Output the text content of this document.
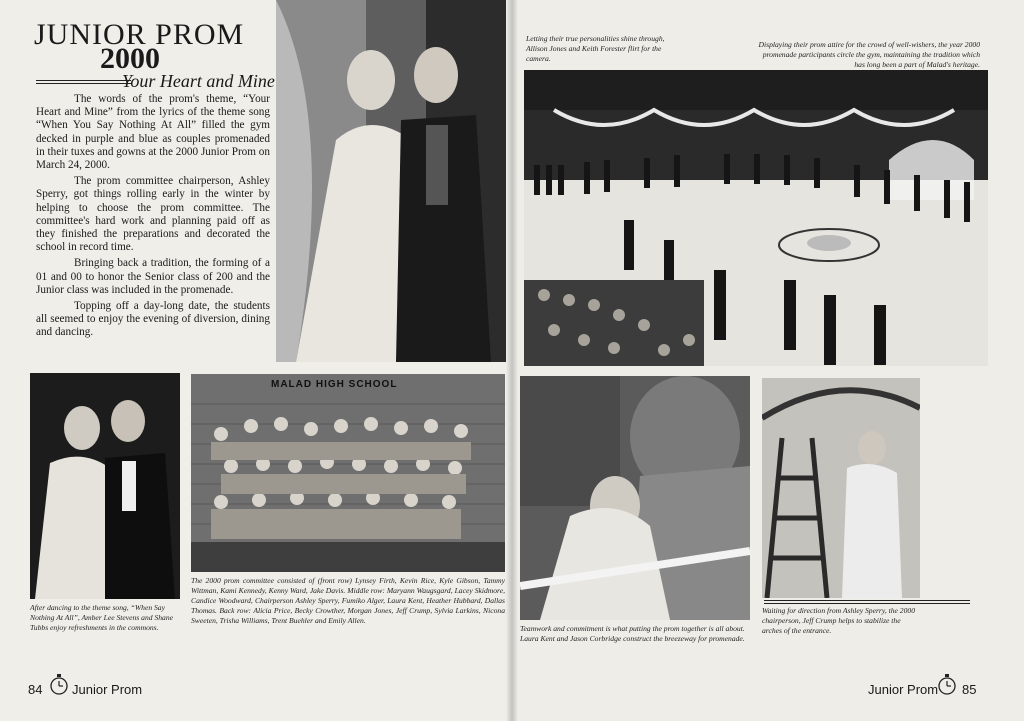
JUNIOR PROM
2000
Your Heart and Mine

The words of the prom's theme, “Your Heart and Mine” from the lyrics of the theme song “When You Say Nothing At All” filled the gym decked in purple and blue as couples promenaded in their tuxes and gowns at the 2000 Junior Prom on March 24, 2000.

The prom committee chairperson, Ashley Sperry, got things rolling early in the winter by helping to choose the prom committee. The committee's hard work and planning paid off as they finished the preparations and decorated the school in record time.

Bringing back a tradition, the forming of a 01 and 00 to honor the Senior class of 200 and the Junior class was included in the promenade.

Topping off a day-long date, the students all seemed to enjoy the evening of diversion, dining and dancing.

After dancing to the theme song, “When Say Nothing At All”, Amber Lee Stevens and Shane Tubbs enjoy refreshments in the commons.
MALAD HIGH SCHOOL
The 2000 prom committee consisted of (front row) Lynsey Firth, Kevin Rice, Kyle Gibson, Tammy Wittman, Kami Kennedy, Kenny Ward, Jake Davis. Middle row: Maryann Waugsgard, Lacey Skidmore, Candice Woodward, Chairperson Ashley Sperry, Fumiko Alger, Laura Kent, Heather Hubbard, Dallas Thomas. Back row: Alicia Price, Becky Crowther, Morgan Jones, Jeff Crump, Sylvia Larkins, Nicona Sweeten, Trisha Williams, Trent Buehler and Emily Allen.
84 Junior Prom
Letting their true personalities shine through, Allison Jones and Keith Forester flirt for the camera.
Displaying their prom attire for the crowd of well-wishers, the year 2000 promenade participants circle the gym, maintaining the tradition which has long been a part of Malad's heritage.
Teamwork and commitment is what putting the prom together is all about. Laura Kent and Jason Corbridge construct the breezeway for promenade.
Waiting for direction from Ashley Sperry, the 2000 chairperson, Jeff Crump helps to stabilize the arches of the entrance.
Junior Prom 85
